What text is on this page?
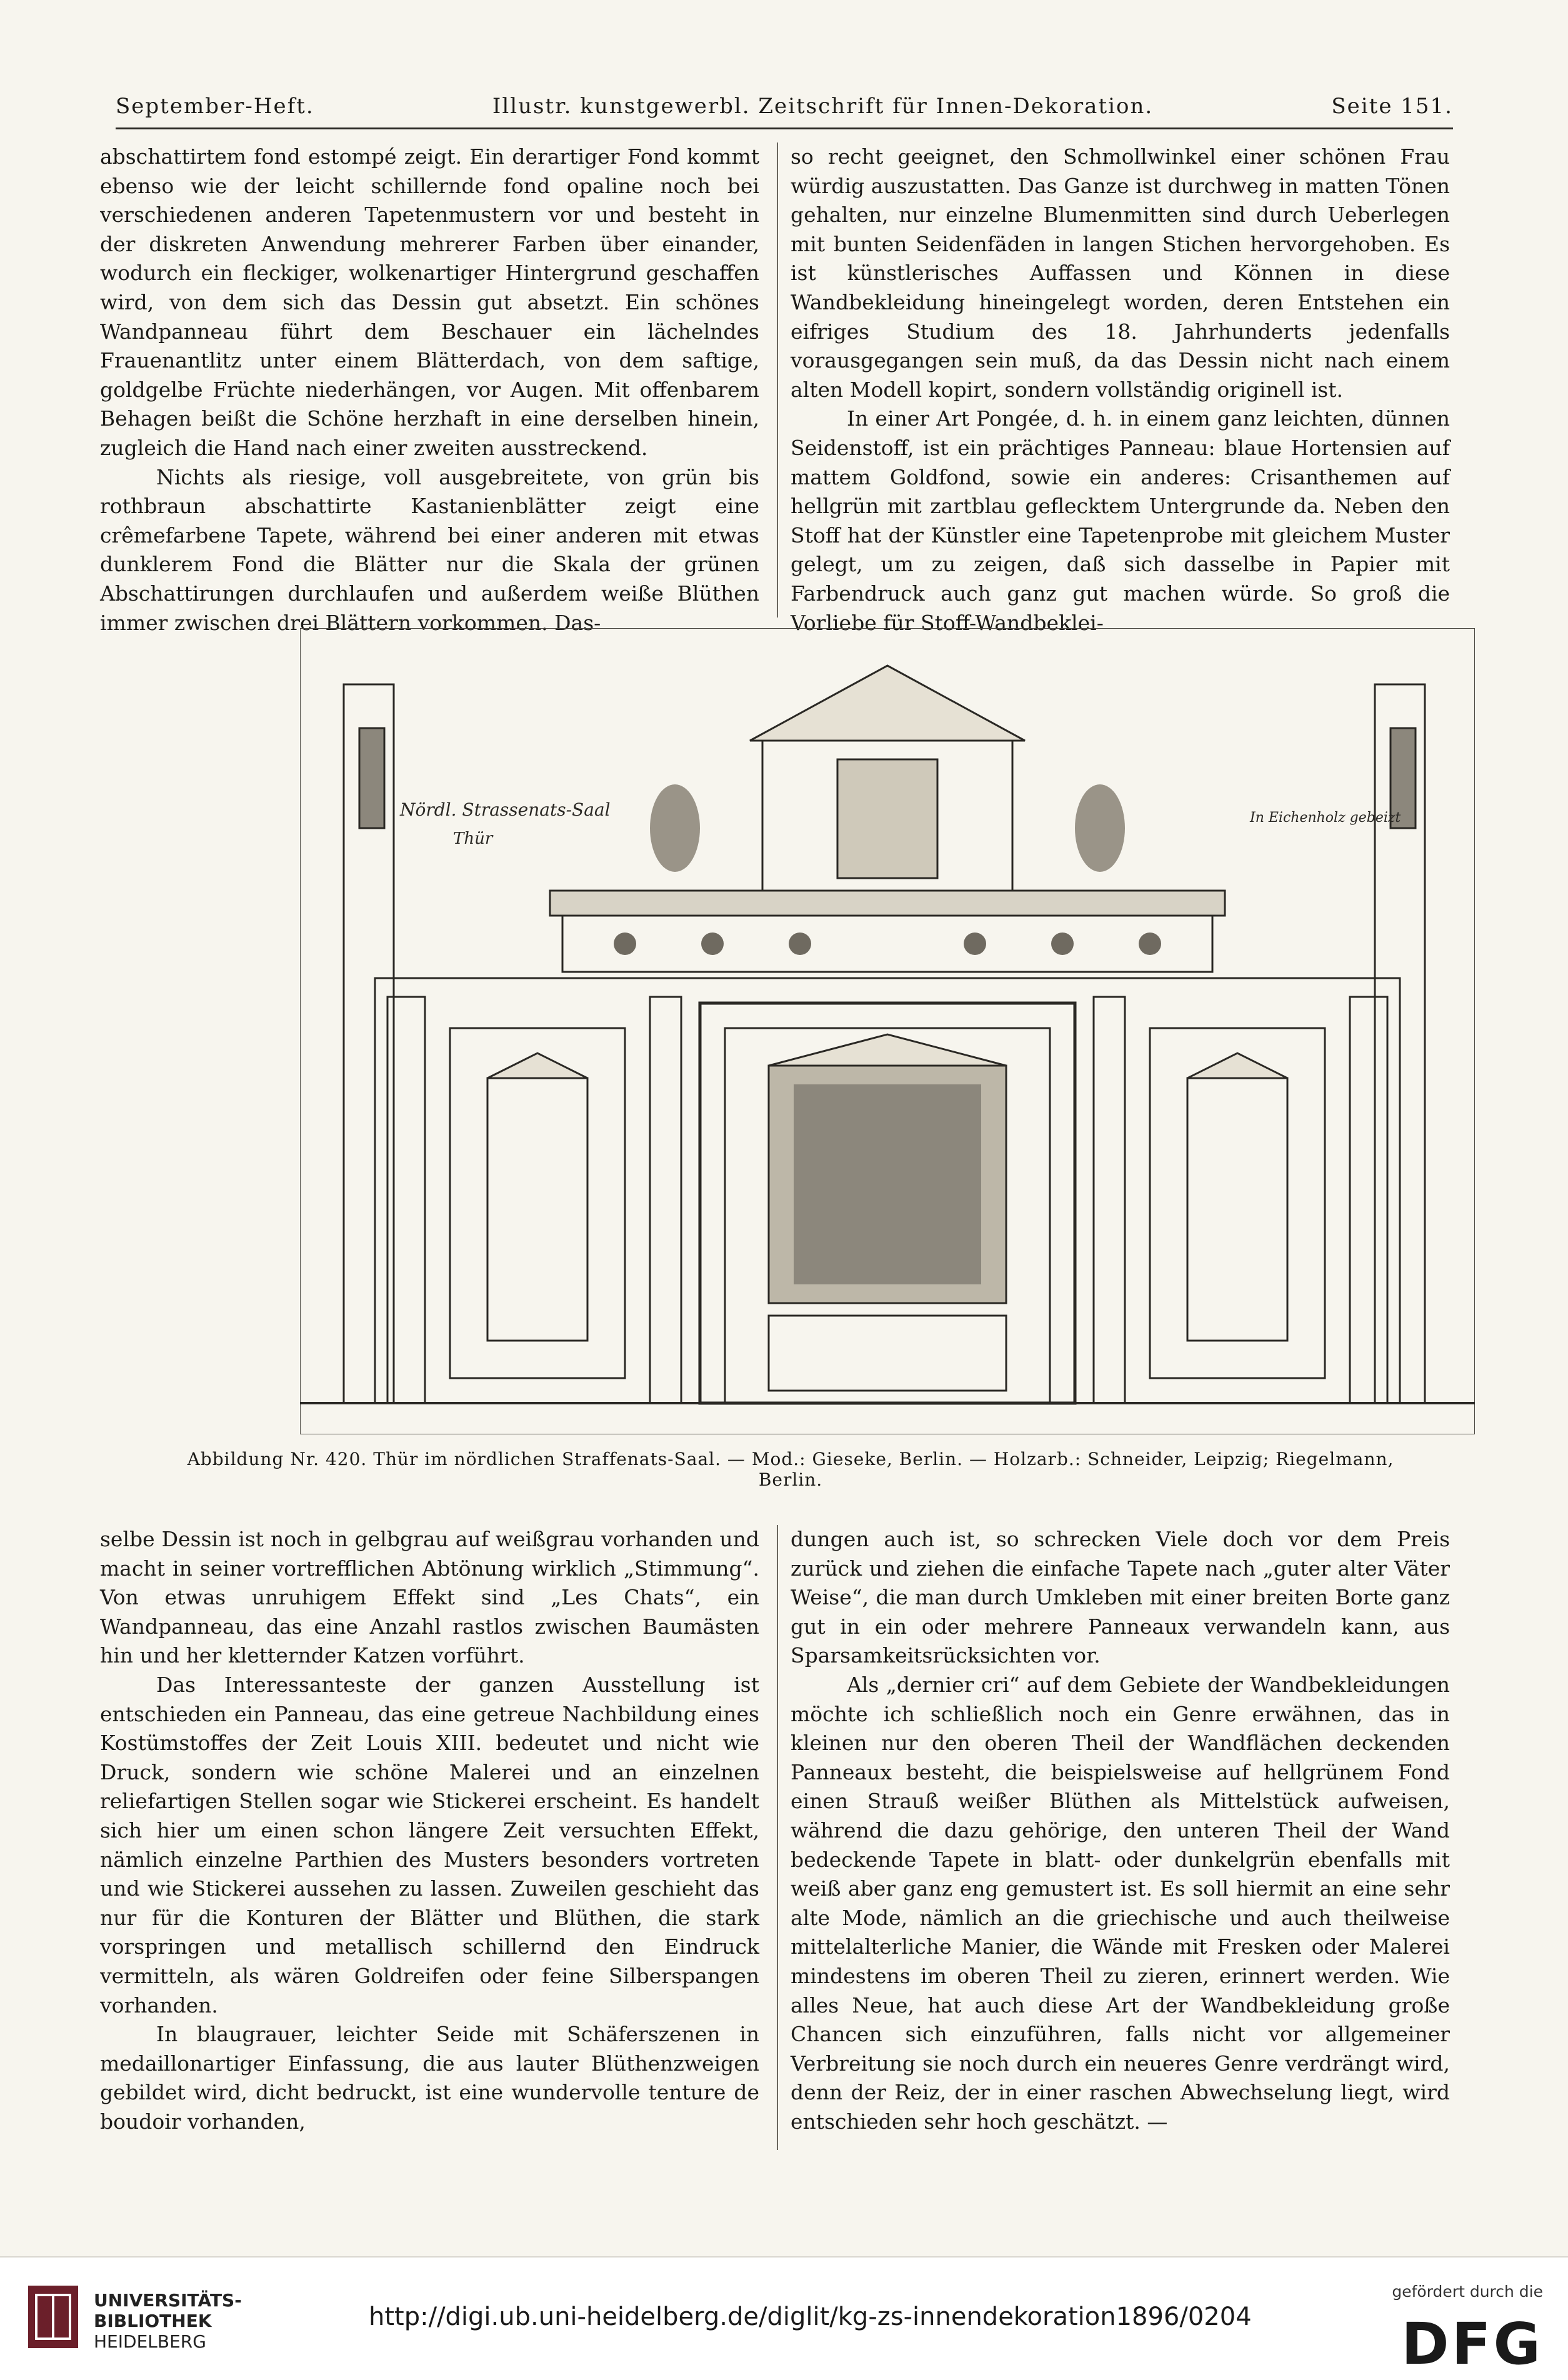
September-Heft.	Illustr. kunstgewerbl. Zeitschrift für Innen-Dekoration.	Seite 151.

abschattirtem fond estompé zeigt. Ein derartiger Fond kommt ebenso wie der leicht schillernde fond opaline noch bei verschiedenen anderen Tapetenmustern vor und besteht in der diskreten Anwendung mehrerer Farben über einander, wodurch ein fleckiger, wolkenartiger Hintergrund geschaffen wird, von dem sich das Dessin gut absetzt. Ein schönes Wandpanneau führt dem Beschauer ein lächelndes Frauenantlitz unter einem Blätterdach, von dem saftige, goldgelbe Früchte niederhängen, vor Augen. Mit offenbarem Behagen beißt die Schöne herzhaft in eine derselben hinein, zugleich die Hand nach einer zweiten ausstreckend.

Nichts als riesige, voll ausgebreitete, von grün bis rothbraun abschattirte Kastanienblätter zeigt eine crêmefarbene Tapete, während bei einer anderen mit etwas dunklerem Fond die Blätter nur die Skala der grünen Abschattirungen durchlaufen und außerdem weiße Blüthen immer zwischen drei Blättern vorkommen. Das-

so recht geeignet, den Schmollwinkel einer schönen Frau würdig auszustatten. Das Ganze ist durchweg in matten Tönen gehalten, nur einzelne Blumenmitten sind durch Ueberlegen mit bunten Seidenfäden in langen Stichen hervorgehoben. Es ist künstlerisches Auffassen und Können in diese Wandbekleidung hineingelegt worden, deren Entstehen ein eifriges Studium des 18. Jahrhunderts jedenfalls vorausgegangen sein muß, da das Dessin nicht nach einem alten Modell kopirt, sondern vollständig originell ist.

In einer Art Pongée, d. h. in einem ganz leichten, dünnen Seidenstoff, ist ein prächtiges Panneau: blaue Hortensien auf mattem Goldfond, sowie ein anderes: Crisanthemen auf hellgrün mit zartblau geflecktem Untergrunde da. Neben den Stoff hat der Künstler eine Tapetenprobe mit gleichem Muster gelegt, um zu zeigen, daß sich dasselbe in Papier mit Farbendruck auch ganz gut machen würde. So groß die Vorliebe für Stoff-Wandbeklei-

Nördl. Strassenats-Saal
Thür
In Eichenholz gebeizt
Abbildung Nr. 420. Thür im nördlichen Straffenats-Saal. — Mod.: Gieseke, Berlin. — Holzarb.: Schneider, Leipzig; Riegelmann, Berlin.

selbe Dessin ist noch in gelbgrau auf weißgrau vorhanden und macht in seiner vortrefflichen Abtönung wirklich „Stimmung“. Von etwas unruhigem Effekt sind „Les Chats“, ein Wandpanneau, das eine Anzahl rastlos zwischen Baumästen hin und her kletternder Katzen vorführt.

Das Interessanteste der ganzen Ausstellung ist entschieden ein Panneau, das eine getreue Nachbildung eines Kostümstoffes der Zeit Louis XIII. bedeutet und nicht wie Druck, sondern wie schöne Malerei und an einzelnen reliefartigen Stellen sogar wie Stickerei erscheint. Es handelt sich hier um einen schon längere Zeit versuchten Effekt, nämlich einzelne Parthien des Musters besonders vortreten und wie Stickerei aussehen zu lassen. Zuweilen geschieht das nur für die Konturen der Blätter und Blüthen, die stark vorspringen und metallisch schillernd den Eindruck vermitteln, als wären Goldreifen oder feine Silberspangen vorhanden.

In blaugrauer, leichter Seide mit Schäferszenen in medaillonartiger Einfassung, die aus lauter Blüthenzweigen gebildet wird, dicht bedruckt, ist eine wundervolle tenture de boudoir vorhanden,

dungen auch ist, so schrecken Viele doch vor dem Preis zurück und ziehen die einfache Tapete nach „guter alter Väter Weise“, die man durch Umkleben mit einer breiten Borte ganz gut in ein oder mehrere Panneaux verwandeln kann, aus Sparsamkeitsrücksichten vor.

Als „dernier cri“ auf dem Gebiete der Wandbekleidungen möchte ich schließlich noch ein Genre erwähnen, das in kleinen nur den oberen Theil der Wandflächen deckenden Panneaux besteht, die beispielsweise auf hellgrünem Fond einen Strauß weißer Blüthen als Mittelstück aufweisen, während die dazu gehörige, den unteren Theil der Wand bedeckende Tapete in blatt- oder dunkelgrün ebenfalls mit weiß aber ganz eng gemustert ist. Es soll hiermit an eine sehr alte Mode, nämlich an die griechische und auch theilweise mittelalterliche Manier, die Wände mit Fresken oder Malerei mindestens im oberen Theil zu zieren, erinnert werden. Wie alles Neue, hat auch diese Art der Wandbekleidung große Chancen sich einzuführen, falls nicht vor allgemeiner Verbreitung sie noch durch ein neueres Genre verdrängt wird, denn der Reiz, der in einer raschen Abwechselung liegt, wird entschieden sehr hoch geschätzt. —

UNIVERSITÄTS-
BIBLIOTHEK
HEIDELBERG
http://digi.ub.uni-heidelberg.de/diglit/kg-zs-innendekoration1896/0204
gefördert durch die
DFG
